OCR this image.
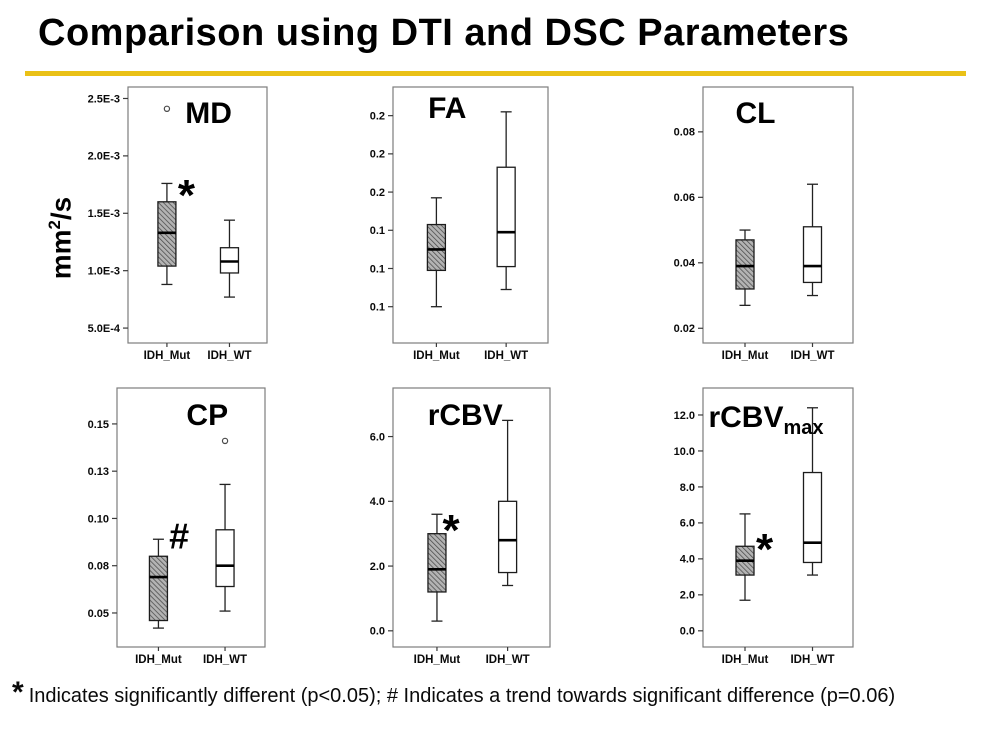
Comparison using DTI and DSC Parameters
2.5E-3
2.0E-3
1.5E-3
1.0E-3
5.0E-4
IDH_Mut IDH_WT
MD
*
0.2
0.2
0.2
0.1
0.1
0.1
IDH_Mut IDH_WT
FA
0.08
0.06
0.04
0.02
IDH_Mut IDH_WT
CL
0.15
0.13
0.10
0.08
0.05
IDH_Mut IDH_WT
CP
#
6.0
4.0
2.0
0.0
IDH_Mut IDH_WT
rCBV
*
12.0
10.0
8.0
6.0
4.0
2.0
0.0
IDH_Mut IDH_WT
rCBV$_{max}$
*
$mm^2/s$
* Indicates significantly different (p<0.05); # Indicates a trend towards significant difference (p=0.06)
